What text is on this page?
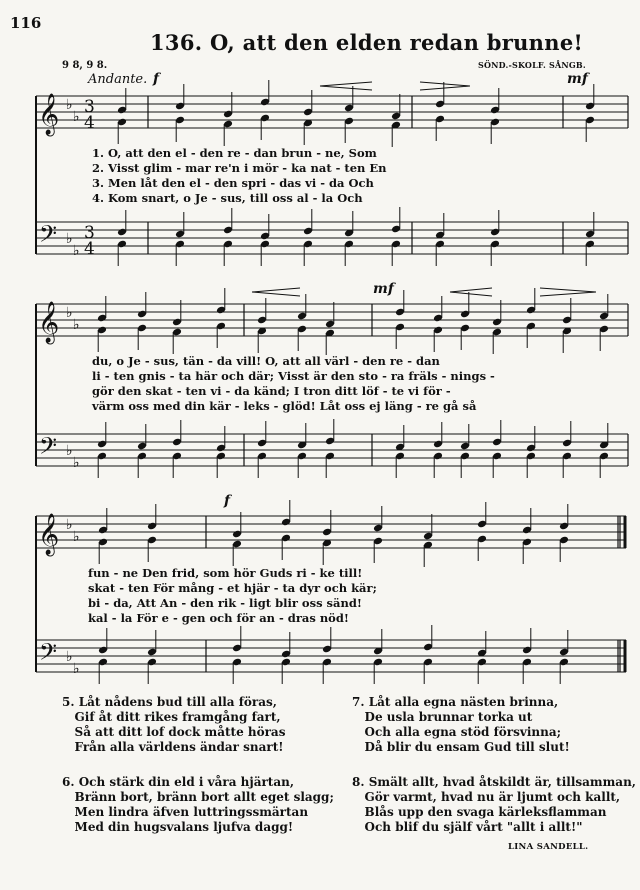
116
136. O, att den elden redan brunne!
9 8, 9 8.	SÖND.-SKOLF. SÅNGB.
Andante. f	mf
mf
f
𝄞
𝄢
♭
♭
♭
♭
3
4
3
4
𝄞
𝄢
♭
♭
♭
♭
𝄞
𝄢
♭
♭
♭
♭
1. O, att den el - den re - dan brun - ne, Som
2. Visst glim - mar re'n i mör - ka nat - ten En
3. Men låt den el - den spri - das vi - da Och
4. Kom snart, o Je - sus, till oss al - la Och
du, o Je - sus, tän - da vill! O, att all värl - den re - dan
li - ten gnis - ta här och där; Visst är den sto - ra fräls - nings -
gör den skat - ten vi - da känd; I tron ditt löf - te vi för -
värm oss med din kär - leks - glöd! Låt oss ej läng - re gå så
fun - ne Den frid, som hör Guds ri - ke till!
skat - ten För mång - et hjär - ta dyr och kär;
bi - da, Att An - den rik - ligt blir oss sänd!
kal - la För e - gen och för an - dras nöd!
5. Låt nådens bud till alla föras,
Gif åt ditt rikes framgång fart,
Så att ditt lof dock måtte höras
Från alla världens ändar snart!
6. Och stärk din eld i våra hjärtan,
Bränn bort, bränn bort allt eget slagg;
Men lindra äfven luttringssmärtan
Med din hugsvalans ljufva dagg!
7. Låt alla egna nästen brinna,
De usla brunnar torka ut
Och alla egna stöd försvinna;
Då blir du ensam Gud till slut!
8. Smält allt, hvad åtskildt är, tillsamman,
Gör varmt, hvad nu är ljumt och kallt,
Blås upp den svaga kärleksflamman
Och blif du själf vårt "allt i allt!"
LINA SANDELL.
